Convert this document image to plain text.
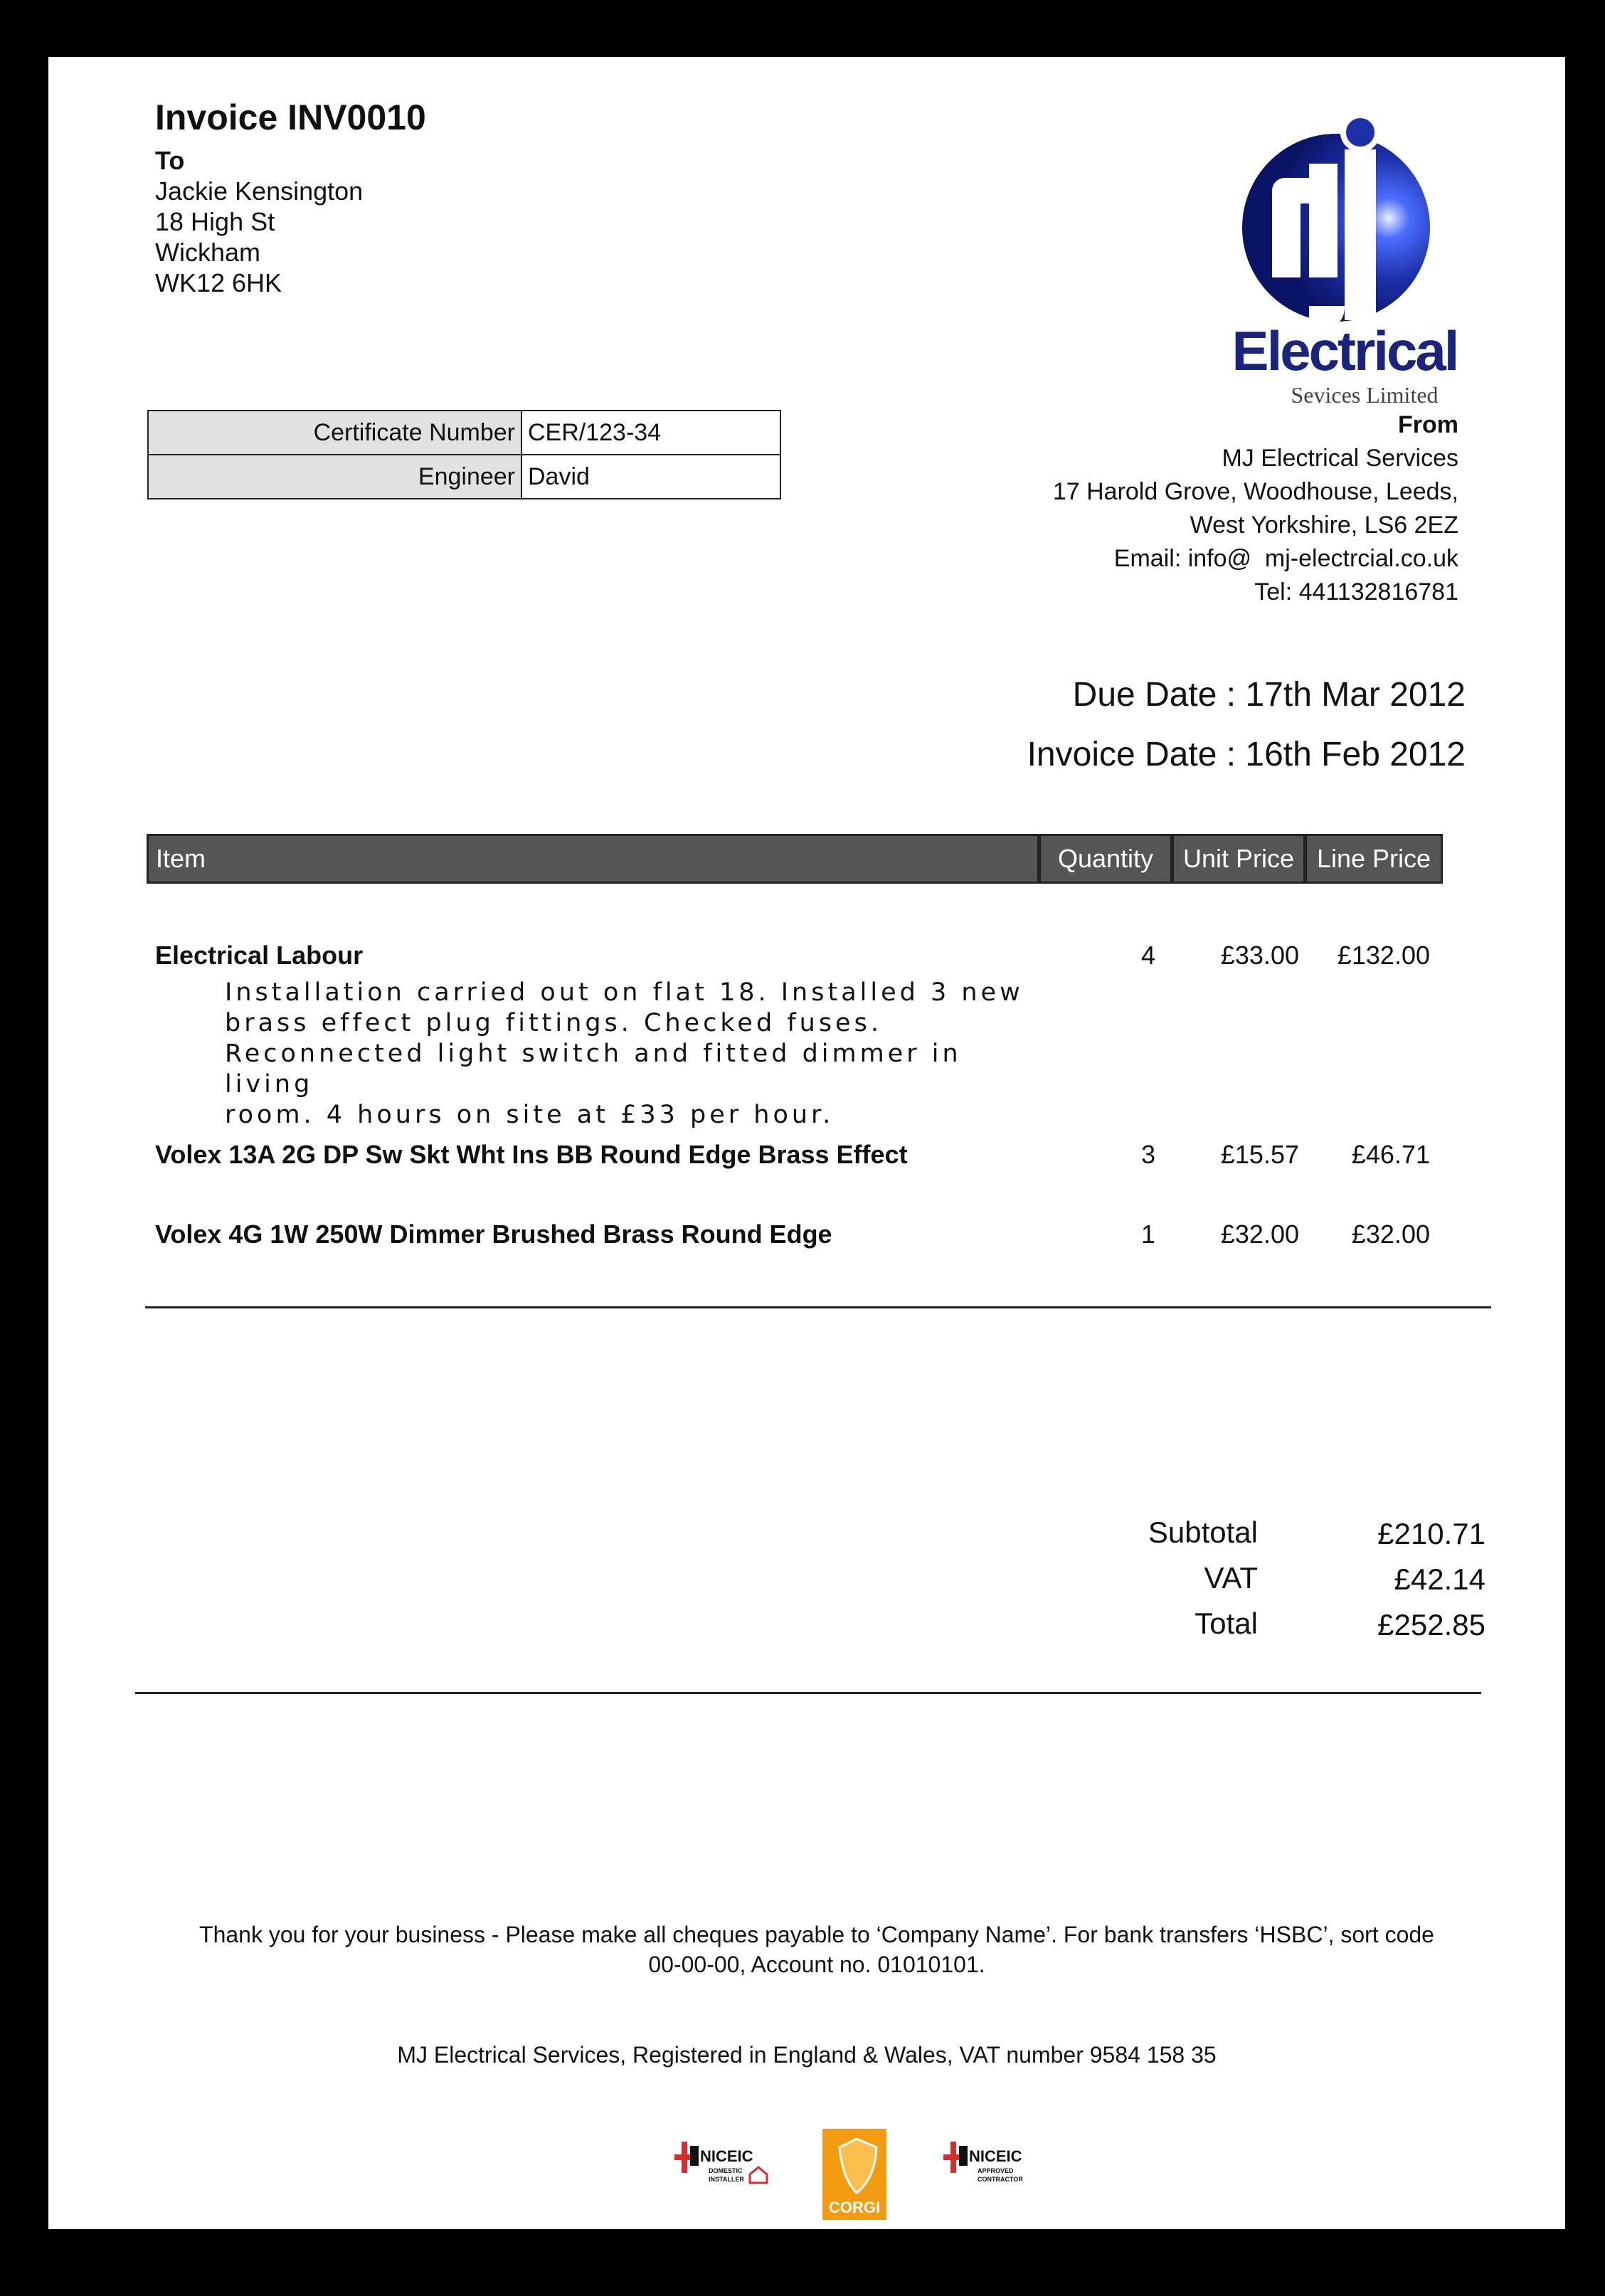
Invoice INV0010
To
Jackie Kensington
18 High St
Wickham
WK12 6HK
Electrical
Sevices Limited
Certificate Number	CER/123-34
Engineer	David
From
MJ Electrical Services
17 Harold Grove, Woodhouse, Leeds,
West Yorkshire, LS6 2EZ
Email: info@  mj-electrcial.co.uk
Tel: 441132816781
Due Date : 17th Mar 2012
Invoice Date : 16th Feb 2012
Item	Quantity	Unit Price Line Price
Electrical Labour	4	£33.00 £132.00
Installation carried out on flat 18. Installed 3 new
brass effect plug fittings. Checked fuses.
Reconnected light switch and fitted dimmer in living
room. 4 hours on site at £33 per hour.
Volex 13A 2G DP Sw Skt Wht Ins BB Round Edge Brass Effect	3	£15.57 £46.71
Volex 4G 1W 250W Dimmer Brushed Brass Round Edge	1	£32.00 £32.00
Subtotal	£210.71
VAT	£42.14
Total	£252.85
Thank you for your business - Please make all cheques payable to ‘Company Name’. For bank transfers ‘HSBC’, sort code
00-00-00, Account no. 01010101.
MJ Electrical Services, Registered in England & Wales, VAT number 9584 158 35
NICEIC
DOMESTIC
INSTALLER
CORGI
NICEIC
APPROVED
CONTRACTOR
